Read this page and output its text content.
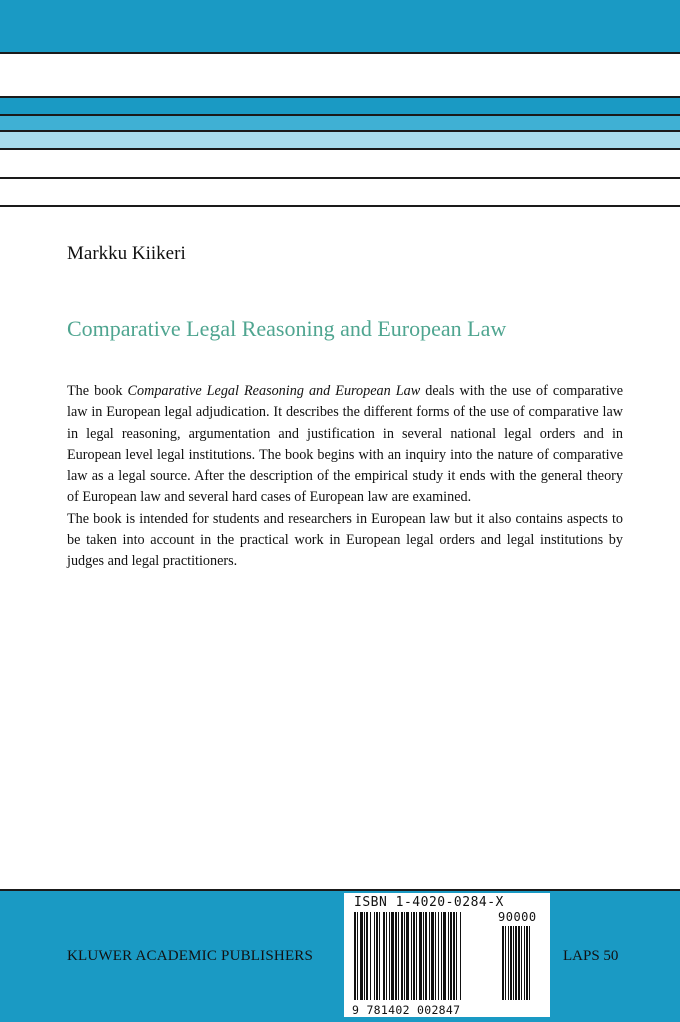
Markku Kiikeri
Comparative Legal Reasoning and European Law

The book Comparative Legal Reasoning and European Law deals with the use of comparative law in European legal adjudication. It describes the different forms of the use of comparative law in legal reasoning, argumentation and justification in several national legal orders and in European level legal institutions. The book begins with an inquiry into the nature of comparative law as a legal source. After the description of the empirical study it ends with the general theory of European law and several hard cases of European law are examined.

The book is intended for students and researchers in European law but it also contains aspects to be taken into account in the practical work in European legal orders and legal institutions by judges and legal practitioners.

KLUWER ACADEMIC PUBLISHERS
ISBN 1-4020-0284-X
90000
9 781402 002847
LAPS 50
